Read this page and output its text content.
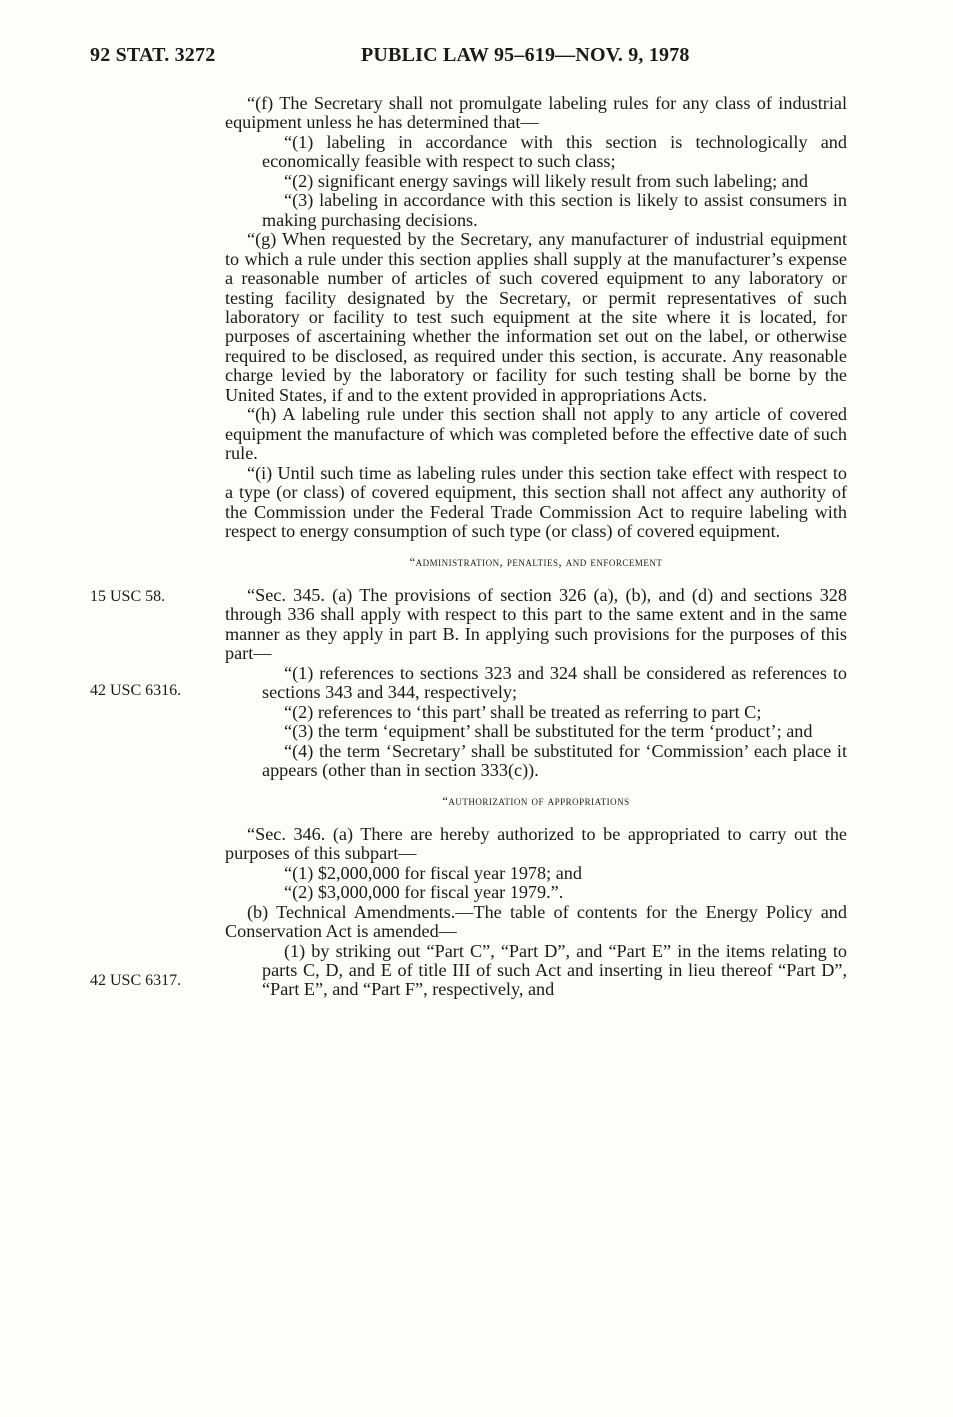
92 STAT. 3272	PUBLIC LAW 95–619—NOV. 9, 1978
15 USC 58.
42 USC 6316.
42 USC 6317.

“(f) The Secretary shall not promulgate labeling rules for any class of industrial equipment unless he has determined that—

“(1) labeling in accordance with this section is technologically and economically feasible with respect to such class;

“(2) significant energy savings will likely result from such labeling; and

“(3) labeling in accordance with this section is likely to assist consumers in making purchasing decisions.

“(g) When requested by the Secretary, any manufacturer of industrial equipment to which a rule under this section applies shall supply at the manufacturer’s expense a reasonable number of articles of such covered equipment to any laboratory or testing facility designated by the Secretary, or permit representatives of such laboratory or facility to test such equipment at the site where it is located, for purposes of ascertaining whether the information set out on the label, or otherwise required to be disclosed, as required under this section, is accurate. Any reasonable charge levied by the laboratory or facility for such testing shall be borne by the United States, if and to the extent provided in appropriations Acts.

“(h) A labeling rule under this section shall not apply to any article of covered equipment the manufacture of which was completed before the effective date of such rule.

“(i) Until such time as labeling rules under this section take effect with respect to a type (or class) of covered equipment, this section shall not affect any authority of the Commission under the Federal Trade Commission Act to require labeling with respect to energy consumption of such type (or class) of covered equipment.

“administration, penalties, and enforcement

“Sec. 345. (a) The provisions of section 326 (a), (b), and (d) and sections 328 through 336 shall apply with respect to this part to the same extent and in the same manner as they apply in part B. In applying such provisions for the purposes of this part—

“(1) references to sections 323 and 324 shall be considered as references to sections 343 and 344, respectively;

“(2) references to ‘this part’ shall be treated as referring to part C;

“(3) the term ‘equipment’ shall be substituted for the term ‘product’; and

“(4) the term ‘Secretary’ shall be substituted for ‘Commission’ each place it appears (other than in section 333(c)).

“authorization of appropriations

“Sec. 346. (a) There are hereby authorized to be appropriated to carry out the purposes of this subpart—

“(1) $2,000,000 for fiscal year 1978; and

“(2) $3,000,000 for fiscal year 1979.”.

(b) Technical Amendments.—The table of contents for the Energy Policy and Conservation Act is amended—

(1) by striking out “Part C”, “Part D”, and “Part E” in the items relating to parts C, D, and E of title III of such Act and inserting in lieu thereof “Part D”, “Part E”, and “Part F”, respectively, and
